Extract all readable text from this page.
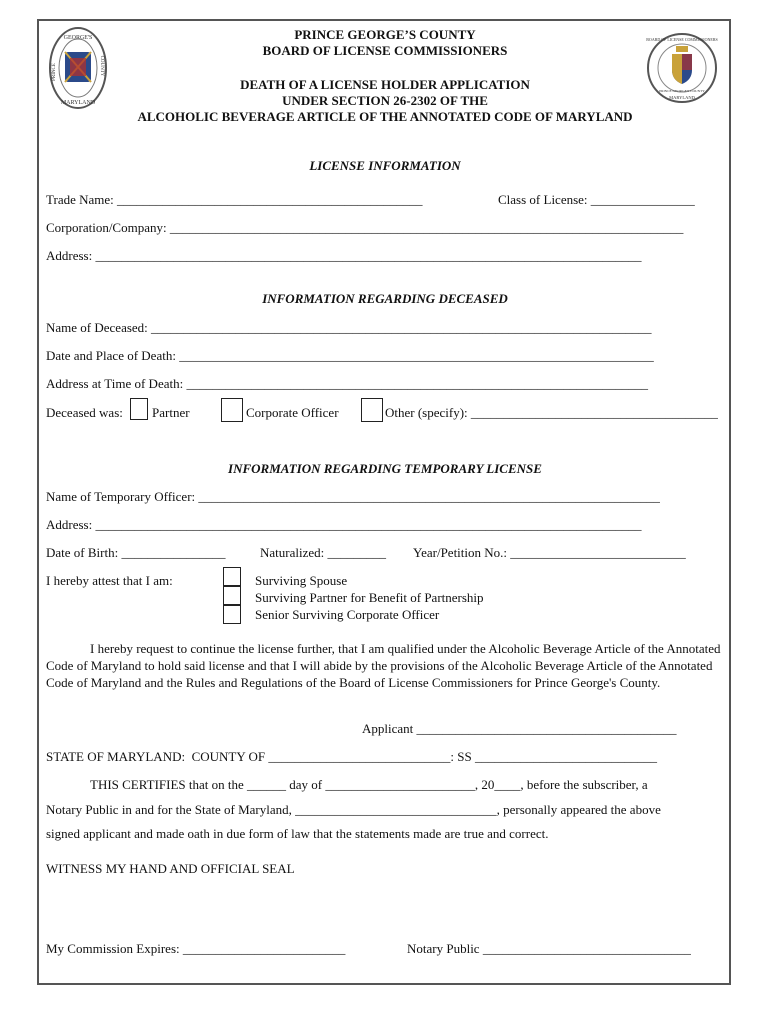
GEORGE'S
MARYLAND
PRINCE	COUNTY
BOARD OF LICENSE COMMISSIONERS
PRINCE GEORGE'S COUNTY
MARYLAND
PRINCE GEORGE’S COUNTY
BOARD OF LICENSE COMMISSIONERS
DEATH OF A LICENSE HOLDER APPLICATION
UNDER SECTION 26-2302 OF THE
ALCOHOLIC BEVERAGE ARTICLE OF THE ANNOTATED CODE OF MARYLAND
LICENSE INFORMATION
Trade Name: _______________________________________________	Class of License: ________________
Corporation/Company: _______________________________________________________________________________
Address: ____________________________________________________________________________________
INFORMATION REGARDING DECEASED
Name of Deceased: _____________________________________________________________________________
Date and Place of Death: _________________________________________________________________________
Address at Time of Death: _______________________________________________________________________
Deceased was: Partner	Corporate Officer	Other (specify): ______________________________________
INFORMATION REGARDING TEMPORARY LICENSE
Name of Temporary Officer: _______________________________________________________________________
Address: ____________________________________________________________________________________
Date of Birth: ________________	Naturalized: _________ Year/Petition No.: ___________________________
I hereby attest that I am:	Surviving Spouse
Surviving Partner for Benefit of Partnership
Senior Surviving Corporate Officer
I hereby request to continue the license further, that I am qualified under the Alcoholic Beverage Article of the Annotated Code of Maryland to hold said license and that I will abide by the provisions of the Alcoholic Beverage Article of the Annotated Code of Maryland and the Rules and Regulations of the Board of License Commissioners for Prince George's County.
Applicant ________________________________________
STATE OF MARYLAND:  COUNTY OF ____________________________: SS ____________________________
THIS CERTIFIES that on the ______ day of _______________________, 20____, before the subscriber, a
Notary Public in and for the State of Maryland, _______________________________, personally appeared the above
signed applicant and made oath in due form of law that the statements made are true and correct.
WITNESS MY HAND AND OFFICIAL SEAL
My Commission Expires: _________________________	Notary Public ________________________________
